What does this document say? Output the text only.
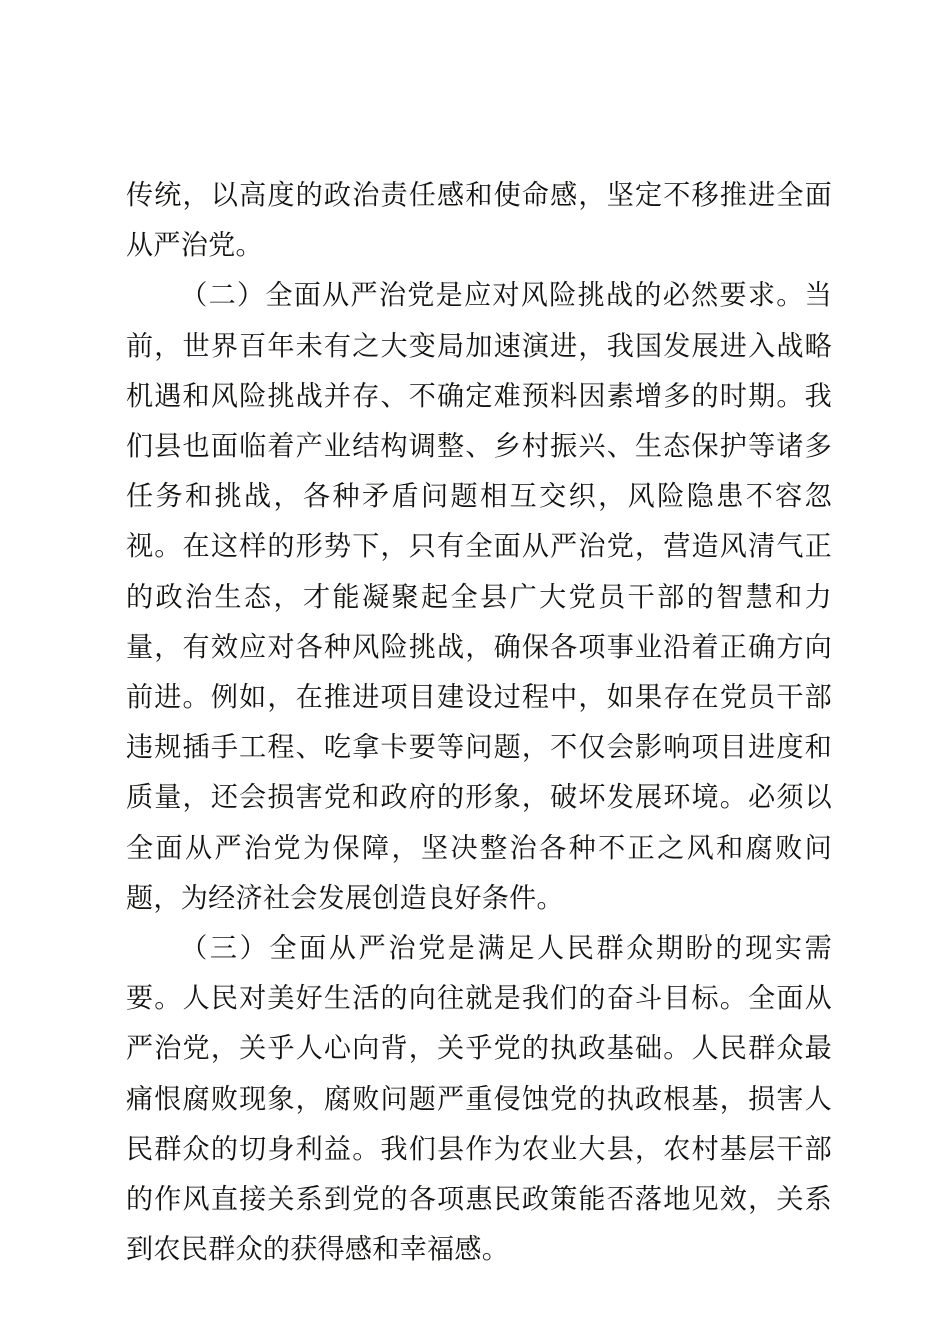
传统，以高度的政治责任感和使命感，坚定不移推进全面从严治党。

（二）全面从严治党是应对风险挑战的必然要求。当前，世界百年未有之大变局加速演进，我国发展进入战略机遇和风险挑战并存、不确定难预料因素增多的时期。我们县也面临着产业结构调整、乡村振兴、生态保护等诸多任务和挑战，各种矛盾问题相互交织，风险隐患不容忽视。在这样的形势下，只有全面从严治党，营造风清气正的政治生态，才能凝聚起全县广大党员干部的智慧和力量，有效应对各种风险挑战，确保各项事业沿着正确方向前进。例如，在推进项目建设过程中，如果存在党员干部违规插手工程、吃拿卡要等问题，不仅会影响项目进度和质量，还会损害党和政府的形象，破坏发展环境。必须以全面从严治党为保障，坚决整治各种不正之风和腐败问题，为经济社会发展创造良好条件。

（三）全面从严治党是满足人民群众期盼的现实需要。人民对美好生活的向往就是我们的奋斗目标。全面从严治党，关乎人心向背，关乎党的执政基础。人民群众最痛恨腐败现象，腐败问题严重侵蚀党的执政根基，损害人民群众的切身利益。我们县作为农业大县，农村基层干部的作风直接关系到党的各项惠民政策能否落地见效，关系到农民群众的获得感和幸福感。
